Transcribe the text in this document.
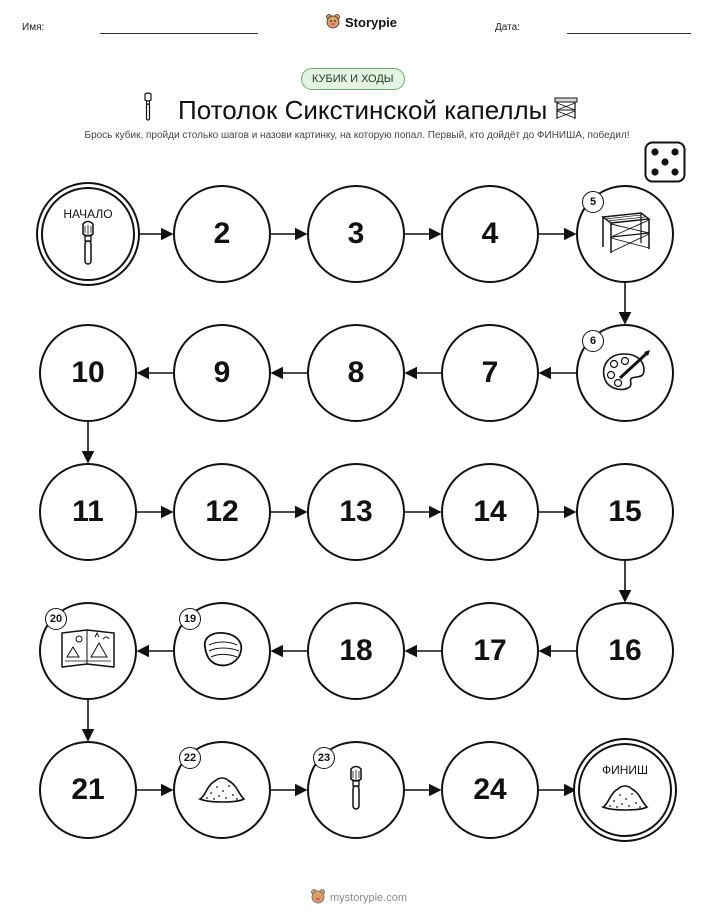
Имя:	Storypie	Дата:
КУБИК И ХОДЫ
Потолок Сикстинской капеллы
Брось кубик, пройди столько шагов и назови картинку, на которую попал. Первый, кто дойдёт до ФИНИША, победил!
НАЧАЛО
2	3	4
5
6
7
8
9
10
11	12	13	14	15
16
17
18
19
20
21
22	23
24
ФИНИШ
mystorypie.com
